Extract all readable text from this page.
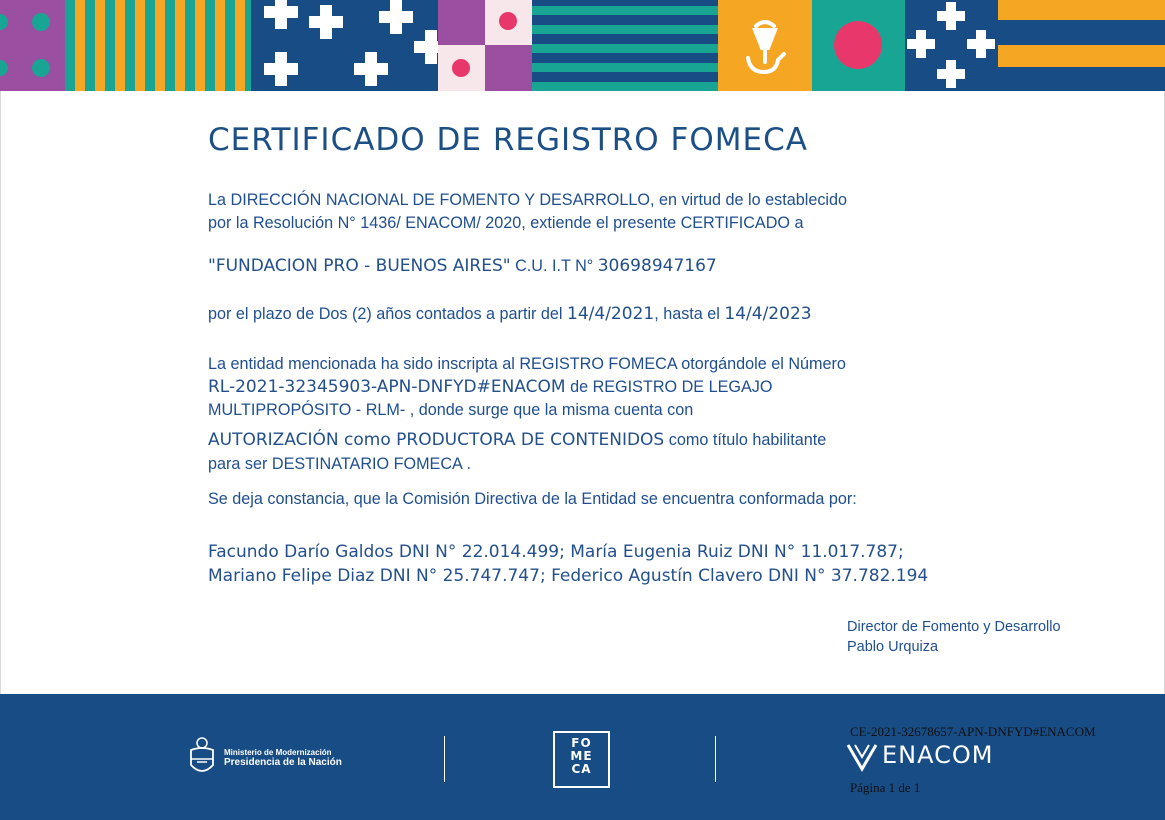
CERTIFICADO DE REGISTRO FOMECA
La DIRECCIÓN NACIONAL DE FOMENTO Y DESARROLLO, en virtud de lo establecido
por la Resolución N° 1436/ ENACOM/ 2020, extiende el presente CERTIFICADO a
"FUNDACION PRO - BUENOS AIRES" C.U. I.T N° 30698947167
por el plazo de Dos (2) años contados a partir del 14/4/2021, hasta el 14/4/2023
La entidad mencionada ha sido inscripta al REGISTRO FOMECA otorgándole el Número
RL-2021-32345903-APN-DNFYD#ENACOM de REGISTRO DE LEGAJO
MULTIPROPÓSITO - RLM- , donde surge que la misma cuenta con
AUTORIZACIÓN como PRODUCTORA DE CONTENIDOS como título habilitante
para ser DESTINATARIO FOMECA .
Se deja constancia, que la Comisión Directiva de la Entidad se encuentra conformada por:
Facundo Darío Galdos DNI N° 22.014.499; María Eugenia Ruiz DNI N° 11.017.787;
Mariano Felipe Diaz DNI N° 25.747.747; Federico Agustín Clavero DNI N° 37.782.194
Director de Fomento y Desarrollo
Pablo Urquiza
Ministerio de Modernización
Presidencia de la Nación
FO
ME
CA
CE-2021-32678657-APN-DNFYD#ENACOM
ENACOM
Página 1 de 1
